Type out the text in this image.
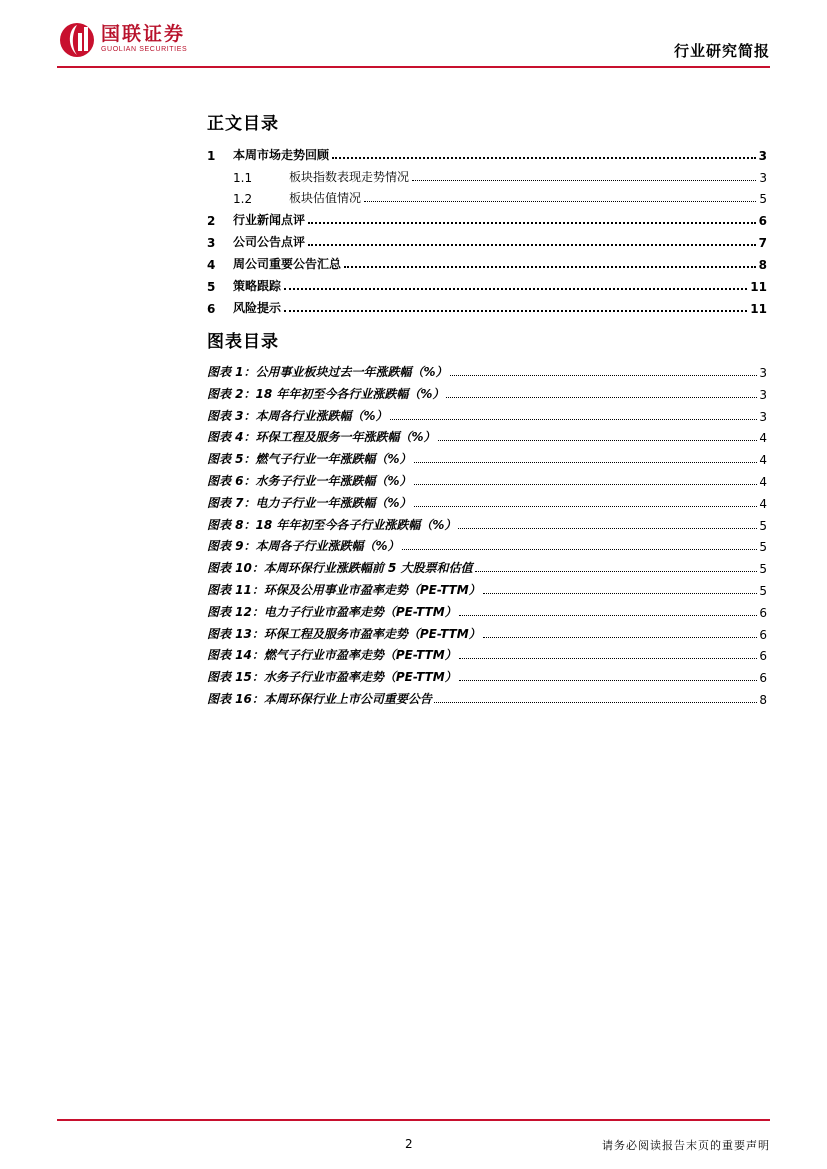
国联证券
GUOLIAN SECURITIES	行业研究简报
正文目录
1	本周市场走势回顾	3
1.1	板块指数表现走势情况	3
1.2	板块估值情况	5
2	行业新闻点评	6
3	公司公告点评	7
4	周公司重要公告汇总	8
5	策略跟踪	11
6	风险提示	11
图表目录
图表 1：公用事业板块过去一年涨跌幅（%）	3
图表 2：18 年年初至今各行业涨跌幅（%）	3
图表 3：本周各行业涨跌幅（%）	3
图表 4：环保工程及服务一年涨跌幅（%）	4
图表 5：燃气子行业一年涨跌幅（%）	4
图表 6：水务子行业一年涨跌幅（%）	4
图表 7：电力子行业一年涨跌幅（%）	4
图表 8：18 年年初至今各子行业涨跌幅（%）	5
图表 9：本周各子行业涨跌幅（%）	5
图表 10：本周环保行业涨跌幅前 5 大股票和估值	5
图表 11：环保及公用事业市盈率走势（PE-TTM）	5
图表 12：电力子行业市盈率走势（PE-TTM）	6
图表 13：环保工程及服务市盈率走势（PE-TTM）	6
图表 14：燃气子行业市盈率走势（PE-TTM）	6
图表 15：水务子行业市盈率走势（PE-TTM）	6
图表 16：本周环保行业上市公司重要公告	8
2	请务必阅读报告末页的重要声明
